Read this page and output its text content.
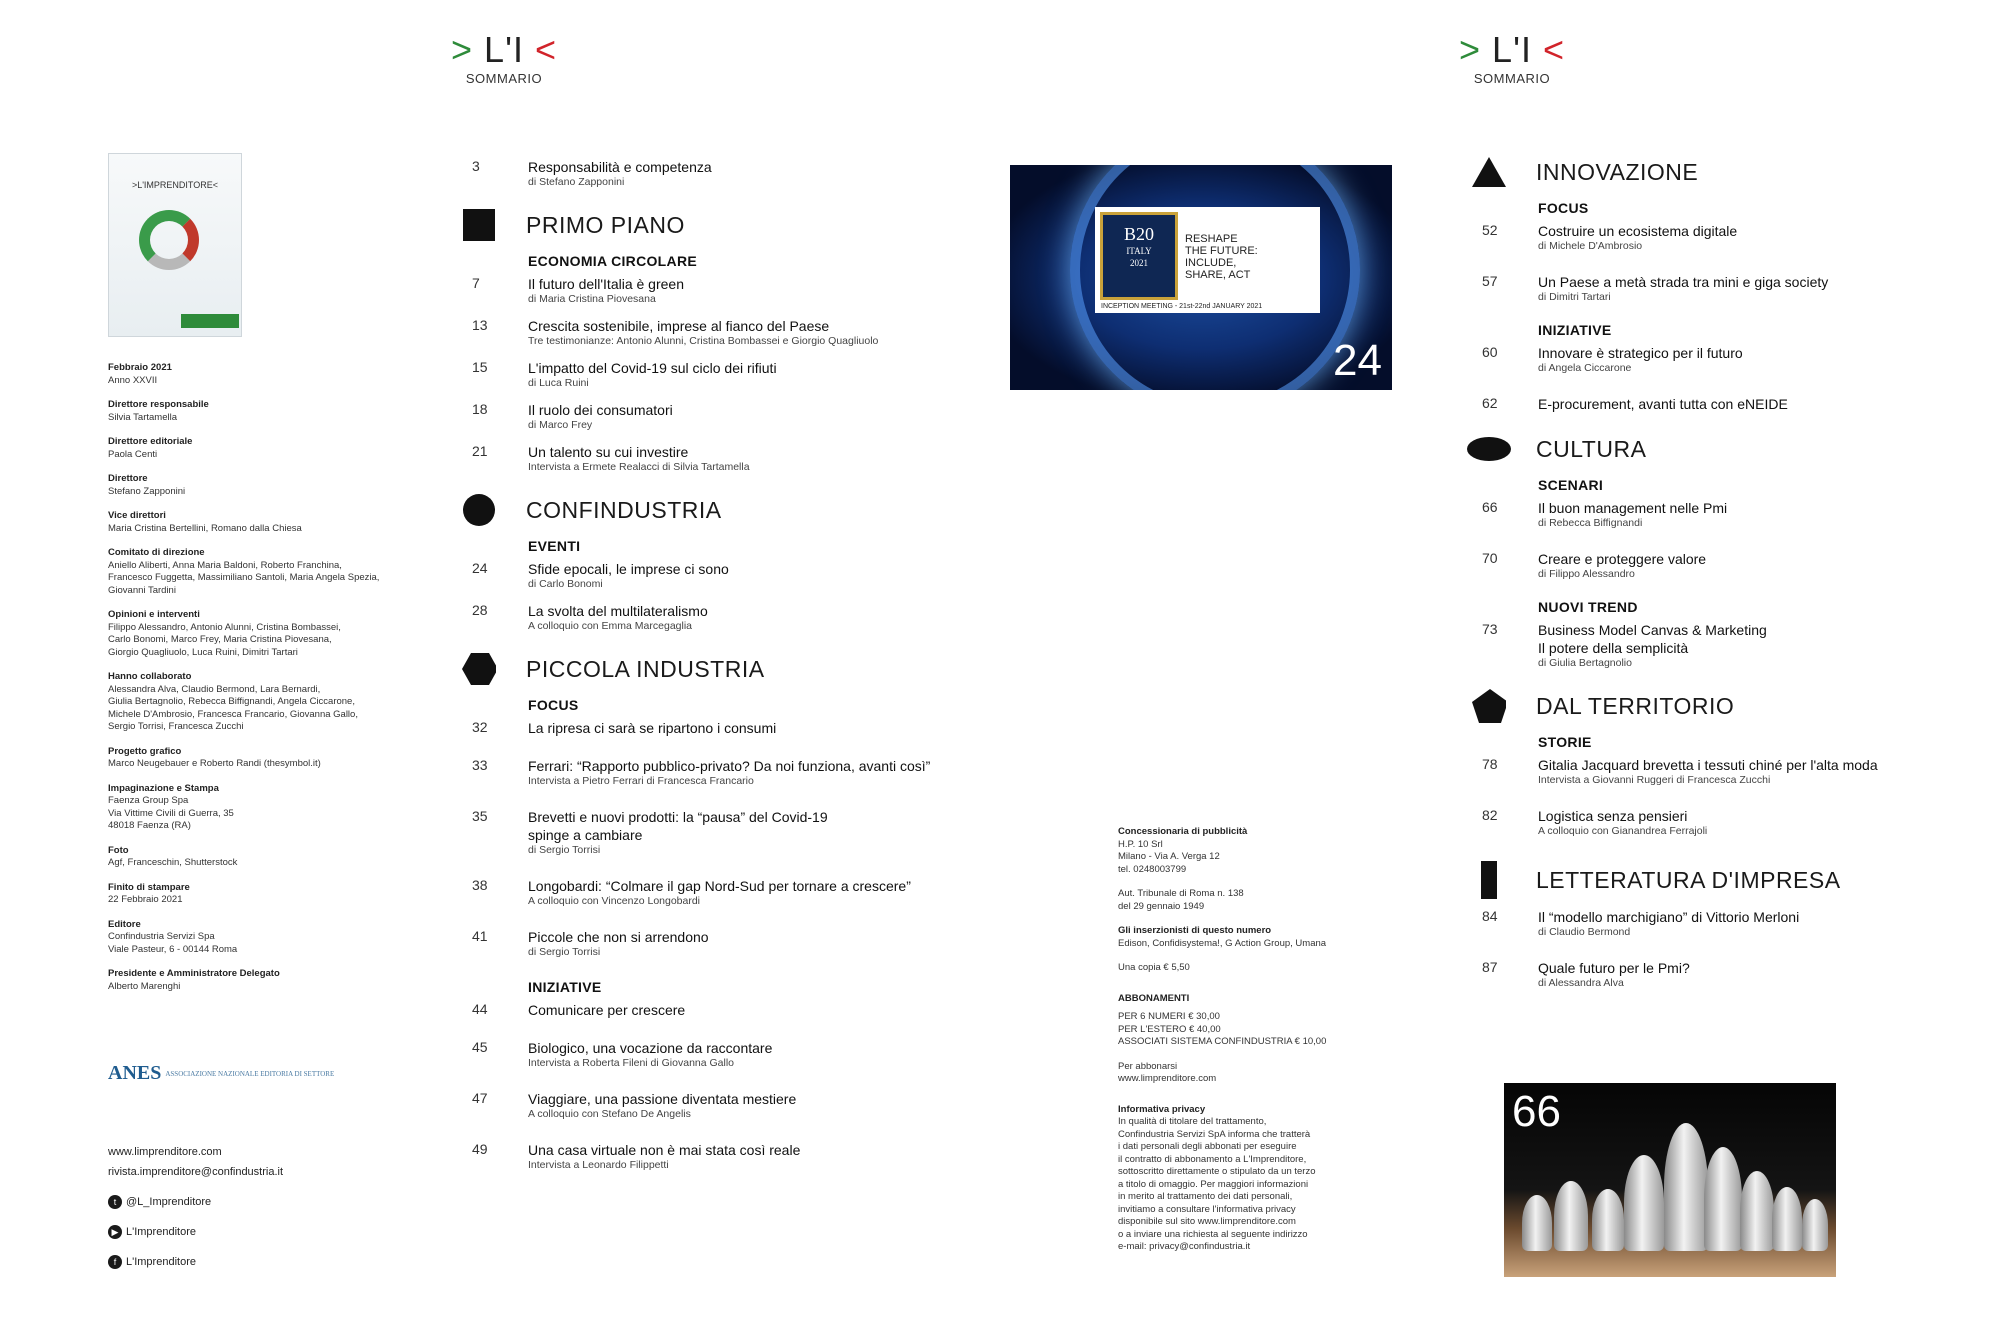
> L'I <
SOMMARIO
> L'I <
SOMMARIO
>L'IMPRENDITORE<
Febbraio 2021
Anno XXVII
Direttore responsabile
Silvia Tartamella
Direttore editoriale
Paola Centi
Direttore
Stefano Zapponini
Vice direttori
Maria Cristina Bertellini, Romano dalla Chiesa
Comitato di direzione
Aniello Aliberti, Anna Maria Baldoni, Roberto Franchina,
Francesco Fuggetta, Massimiliano Santoli, Maria Angela Spezia,
Giovanni Tardini
Opinioni e interventi
Filippo Alessandro, Antonio Alunni, Cristina Bombassei,
Carlo Bonomi, Marco Frey, Maria Cristina Piovesana,
Giorgio Quagliuolo, Luca Ruini, Dimitri Tartari
Hanno collaborato
Alessandra Alva, Claudio Bermond, Lara Bernardi,
Giulia Bertagnolio, Rebecca Biffignandi, Angela Ciccarone,
Michele D'Ambrosio, Francesca Francario, Giovanna Gallo,
Sergio Torrisi, Francesca Zucchi
Progetto grafico
Marco Neugebauer e Roberto Randi (thesymbol.it)
Impaginazione e Stampa
Faenza Group Spa
Via Vittime Civili di Guerra, 35
48018 Faenza (RA)
Foto
Agf, Franceschin, Shutterstock
Finito di stampare
22 Febbraio 2021
Editore
Confindustria Servizi Spa
Viale Pasteur, 6 - 00144 Roma
Presidente e Amministratore Delegato
Alberto Marenghi
ANES ASSOCIAZIONE NAZIONALE EDITORIA DI SETTORE
www.limprenditore.com
rivista.imprenditore@confindustria.it
t @L_Imprenditore
▶ L'Imprenditore
f L'Imprenditore
3	Responsabilità e competenza
di Stefano Zapponini
PRIMO PIANO
ECONOMIA CIRCOLARE
7	Il futuro dell'Italia è green
di Maria Cristina Piovesana
13	Crescita sostenibile, imprese al fianco del Paese
Tre testimonianze: Antonio Alunni, Cristina Bombassei e Giorgio Quagliuolo
15	L'impatto del Covid-19 sul ciclo dei rifiuti
di Luca Ruini
18	Il ruolo dei consumatori
di Marco Frey
21	Un talento su cui investire
Intervista a Ermete Realacci di Silvia Tartamella
CONFINDUSTRIA
EVENTI
24	Sfide epocali, le imprese ci sono
di Carlo Bonomi
28	La svolta del multilateralismo
A colloquio con Emma Marcegaglia
PICCOLA INDUSTRIA
FOCUS
32	La ripresa ci sarà se ripartono i consumi
33	Ferrari: “Rapporto pubblico-privato? Da noi funziona, avanti così”
Intervista a Pietro Ferrari di Francesca Francario
35	Brevetti e nuovi prodotti: la “pausa” del Covid-19
spinge a cambiare
di Sergio Torrisi
38	Longobardi: “Colmare il gap Nord-Sud per tornare a crescere”
A colloquio con Vincenzo Longobardi
41	Piccole che non si arrendono
di Sergio Torrisi
INIZIATIVE
44	Comunicare per crescere
45	Biologico, una vocazione da raccontare
Intervista a Roberta Fileni di Giovanna Gallo
47	Viaggiare, una passione diventata mestiere
A colloquio con Stefano De Angelis
49	Una casa virtuale non è mai stata così reale
Intervista a Leonardo Filippetti
B20
ITALY
2021
RESHAPE
THE FUTURE:
INCLUDE,
SHARE, ACT
INCEPTION MEETING - 21st-22nd JANUARY 2021
24
Concessionaria di pubblicità
H.P. 10 Srl
Milano - Via A. Verga 12
tel. 0248003799
Aut. Tribunale di Roma n. 138
del 29 gennaio 1949
Gli inserzionisti di questo numero
Edison, Confidisystema!, G Action Group, Umana
Una copia € 5,50
ABBONAMENTI
PER 6 NUMERI € 30,00
PER L'ESTERO € 40,00
ASSOCIATI SISTEMA CONFINDUSTRIA € 10,00
Per abbonarsi
www.limprenditore.com
Informativa privacy
In qualità di titolare del trattamento,
Confindustria Servizi SpA informa che tratterà
i dati personali degli abbonati per eseguire
il contratto di abbonamento a L'Imprenditore,
sottoscritto direttamente o stipulato da un terzo
a titolo di omaggio. Per maggiori informazioni
in merito al trattamento dei dati personali,
invitiamo a consultare l'informativa privacy
disponibile sul sito www.limprenditore.com
o a inviare una richiesta al seguente indirizzo
e-mail: privacy@confindustria.it
INNOVAZIONE
FOCUS
52	Costruire un ecosistema digitale
di Michele D'Ambrosio
57	Un Paese a metà strada tra mini e giga society
di Dimitri Tartari
INIZIATIVE
60	Innovare è strategico per il futuro
di Angela Ciccarone
62	E-procurement, avanti tutta con eNEIDE
CULTURA
SCENARI
66	Il buon management nelle Pmi
di Rebecca Biffignandi
70	Creare e proteggere valore
di Filippo Alessandro
NUOVI TREND
73	Business Model Canvas & Marketing
Il potere della semplicità
di Giulia Bertagnolio
DAL TERRITORIO
STORIE
78	Gitalia Jacquard brevetta i tessuti chiné per l'alta moda
Intervista a Giovanni Ruggeri di Francesca Zucchi
82	Logistica senza pensieri
A colloquio con Gianandrea Ferrajoli
LETTERATURA D'IMPRESA
84	Il “modello marchigiano” di Vittorio Merloni
di Claudio Bermond
87	Quale futuro per le Pmi?
di Alessandra Alva
66
